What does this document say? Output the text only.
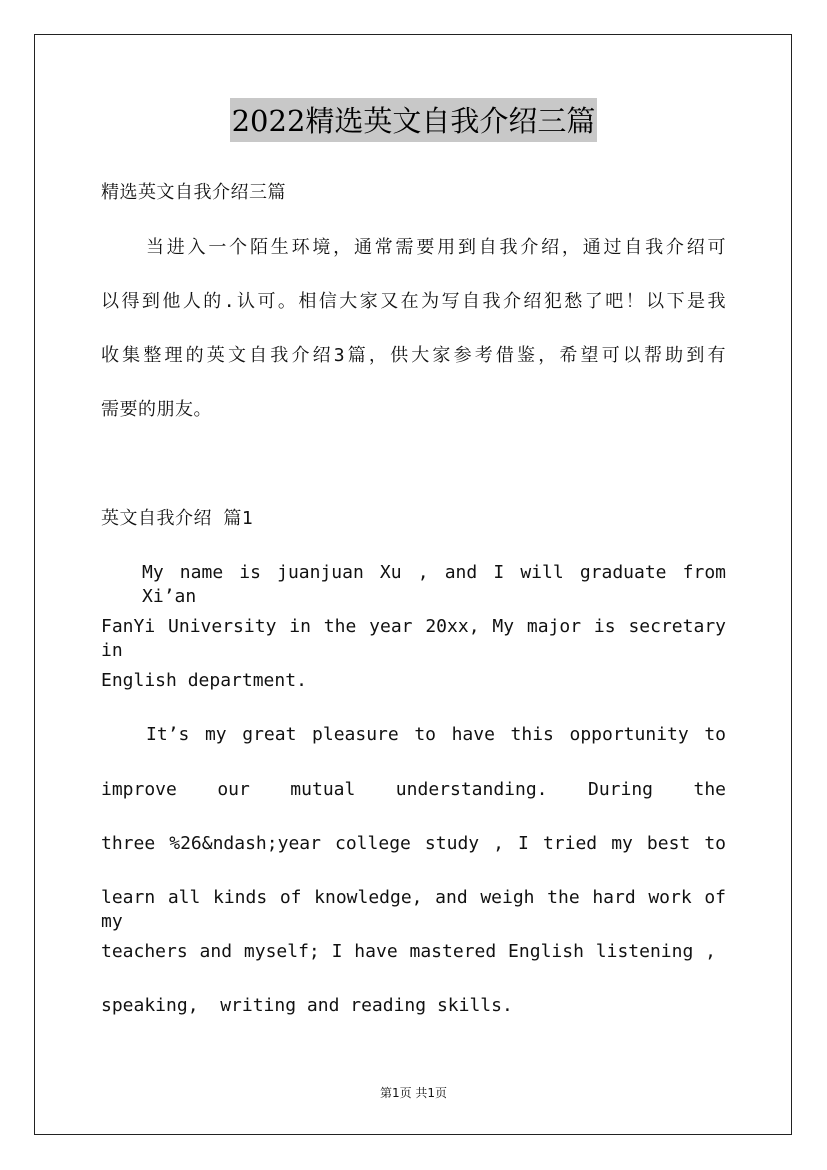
2022精选英文自我介绍三篇
精选英文自我介绍三篇
当进入一个陌生环境，通常需要用到自我介绍，通过自我介绍可
以得到他人的.认可。相信大家又在为写自我介绍犯愁了吧！以下是我
收集整理的英文自我介绍3篇，供大家参考借鉴，希望可以帮助到有
需要的朋友。
英文自我介绍 篇1
My name is juanjuan Xu , and I will graduate from Xi’an
FanYi University in the year 20xx, My major is secretary in
English department.
It’s my great pleasure to have this opportunity to
improve our mutual understanding. During the
three %26&ndash;year college study , I tried my best to
learn all kinds of knowledge, and weigh the hard work of my
teachers and myself; I have mastered English listening ,
speaking,  writing and reading skills.
第1页 共1页
